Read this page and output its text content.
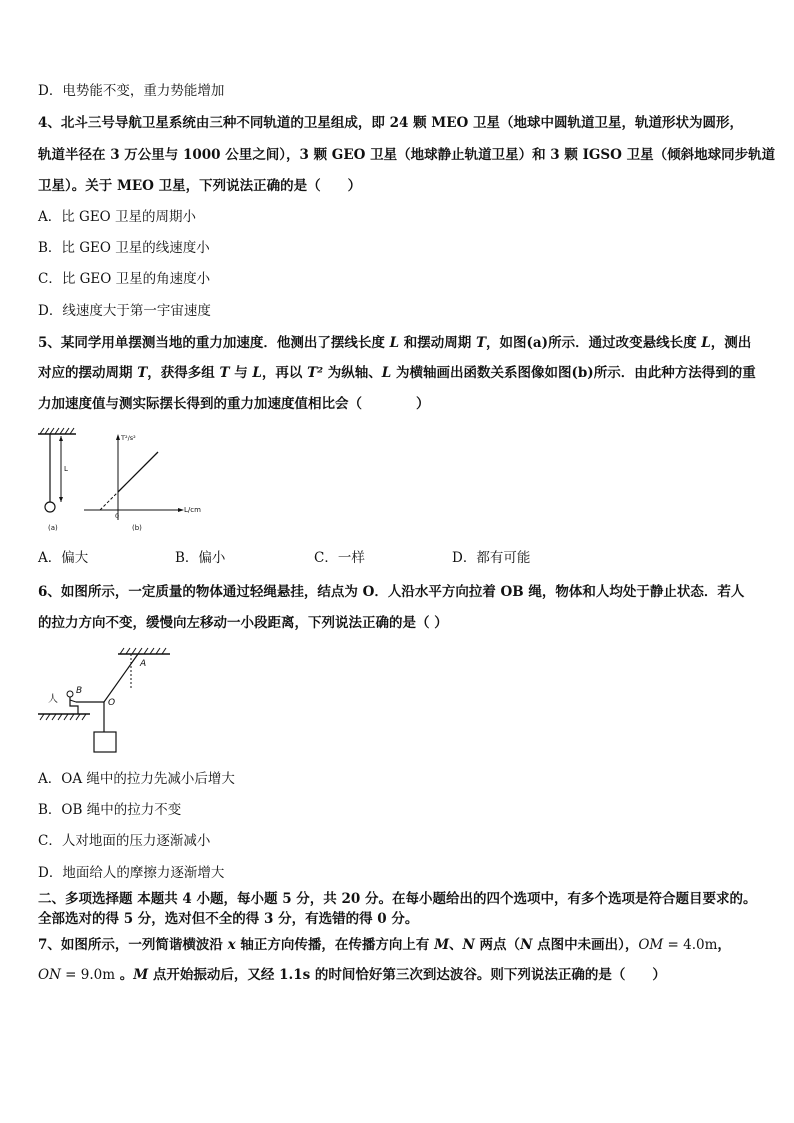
D．电势能不变，重力势能增加
4、北斗三号导航卫星系统由三种不同轨道的卫星组成，即 24 颗 MEO 卫星（地球中圆轨道卫星，轨道形状为圆形，
轨道半径在 3 万公里与 1000 公里之间），3 颗 GEO 卫星（地球静止轨道卫星）和 3 颗 IGSO 卫星（倾斜地球同步轨道
卫星）。关于 MEO 卫星，下列说法正确的是（　　）
A．比 GEO 卫星的周期小
B．比 GEO 卫星的线速度小
C．比 GEO 卫星的角速度小
D．线速度大于第一宇宙速度
5、某同学用单摆测当地的重力加速度．他测出了摆线长度 L 和摆动周期 T，如图(a)所示．通过改变悬线长度 L，测出
对应的摆动周期 T，获得多组 T 与 L，再以 T² 为纵轴、L 为横轴画出函数关系图像如图(b)所示．由此种方法得到的重
力加速度值与测实际摆长得到的重力加速度值相比会（　　　　）
L
(a)
T²/s²
L/cm
0
(b)
A．偏大	B．偏小	C．一样	D．都有可能
6、如图所示，一定质量的物体通过轻绳悬挂，结点为 O．人沿水平方向拉着 OB 绳，物体和人均处于静止状态．若人
的拉力方向不变，缓慢向左移动一小段距离，下列说法正确的是（ ）
A
O
B
人
A．OA 绳中的拉力先减小后增大
B．OB 绳中的拉力不变
C．人对地面的压力逐渐减小
D．地面给人的摩擦力逐渐增大
二、多项选择题 本题共 4 小题，每小题 5 分，共 20 分。在每小题给出的四个选项中，有多个选项是符合题目要求的。
全部选对的得 5 分，选对但不全的得 3 分，有选错的得 0 分。
7、如图所示，一列简谐横波沿 x 轴正方向传播，在传播方向上有 M、N 两点（N 点图中未画出），OM = 4.0m，
ON = 9.0m 。M 点开始振动后，又经 1.1s 的时间恰好第三次到达波谷。则下列说法正确的是（　　）
